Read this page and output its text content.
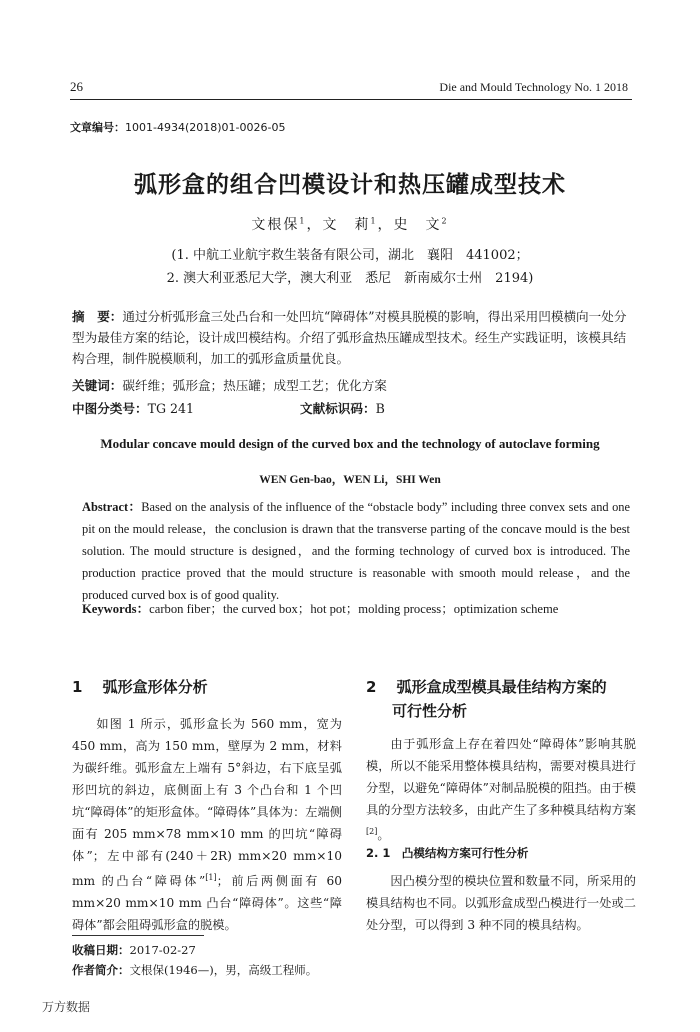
26	Die and Mould Technology No. 1 2018
文章编号：1001-4934(2018)01-0026-05
弧形盒的组合凹模设计和热压罐成型技术
文根保$^1$，文　莉$^1$，史　文$^2$
(1. 中航工业航宇救生装备有限公司，湖北　襄阳　441002；
2. 澳大利亚悉尼大学，澳大利亚　悉尼　新南威尔士州　2194)
摘　要：通过分析弧形盒三处凸台和一处凹坑“障碍体”对模具脱模的影响，得出采用凹模横向一处分型为最佳方案的结论，设计成凹模结构。介绍了弧形盒热压罐成型技术。经生产实践证明，该模具结构合理，制件脱模顺利，加工的弧形盒质量优良。
关键词：碳纤维；弧形盒；热压罐；成型工艺；优化方案
中图分类号：TG 241	文献标识码：B
Modular concave mould design of the curved box and the technology of autoclave forming
WEN Gen-bao，WEN Li，SHI Wen
Abstract：Based on the analysis of the influence of the “obstacle body” including three convex sets and one pit on the mould release，the conclusion is drawn that the transverse parting of the concave mould is the best solution. The mould structure is designed，and the forming technology of curved box is introduced. The production practice proved that the mould structure is reasonable with smooth mould release，and the produced curved box is of good quality.
Keywords：carbon fiber；the curved box；hot pot；molding process；optimization scheme
1　 弧形盒形体分析
如图 1 所示，弧形盒长为 560 mm，宽为 450 mm，高为 150 mm，壁厚为 2 mm，材料为碳纤维。弧形盒左上端有 5°斜边，右下底呈弧形凹坑的斜边，底侧面上有 3 个凸台和 1 个凹坑“障碍体”的矩形盒体。“障碍体”具体为：左端侧面有 205 mm×78 mm×10 mm 的凹坑“障碍体”；左中部有(240＋2R) mm×20 mm×10 mm 的凸台“障碍体”[1]；前后两侧面有 60 mm×20 mm×10 mm 凸台“障碍体”。这些“障碍体”都会阻碍弧形盒的脱模。
2　 弧形盒成型模具最佳结构方案的
可行性分析
由于弧形盒上存在着四处“障碍体”影响其脱模，所以不能采用整体模具结构，需要对模具进行分型，以避免“障碍体”对制品脱模的阻挡。由于模具的分型方法较多，由此产生了多种模具结构方案[2]。
2. 1　 凸模结构方案可行性分析
因凸模分型的模块位置和数量不同，所采用的模具结构也不同。以弧形盒成型凸模进行一处或二处分型，可以得到 3 种不同的模具结构。
收稿日期：2017-02-27
作者简介：文根保(1946—)，男，高级工程师。
万方数据
